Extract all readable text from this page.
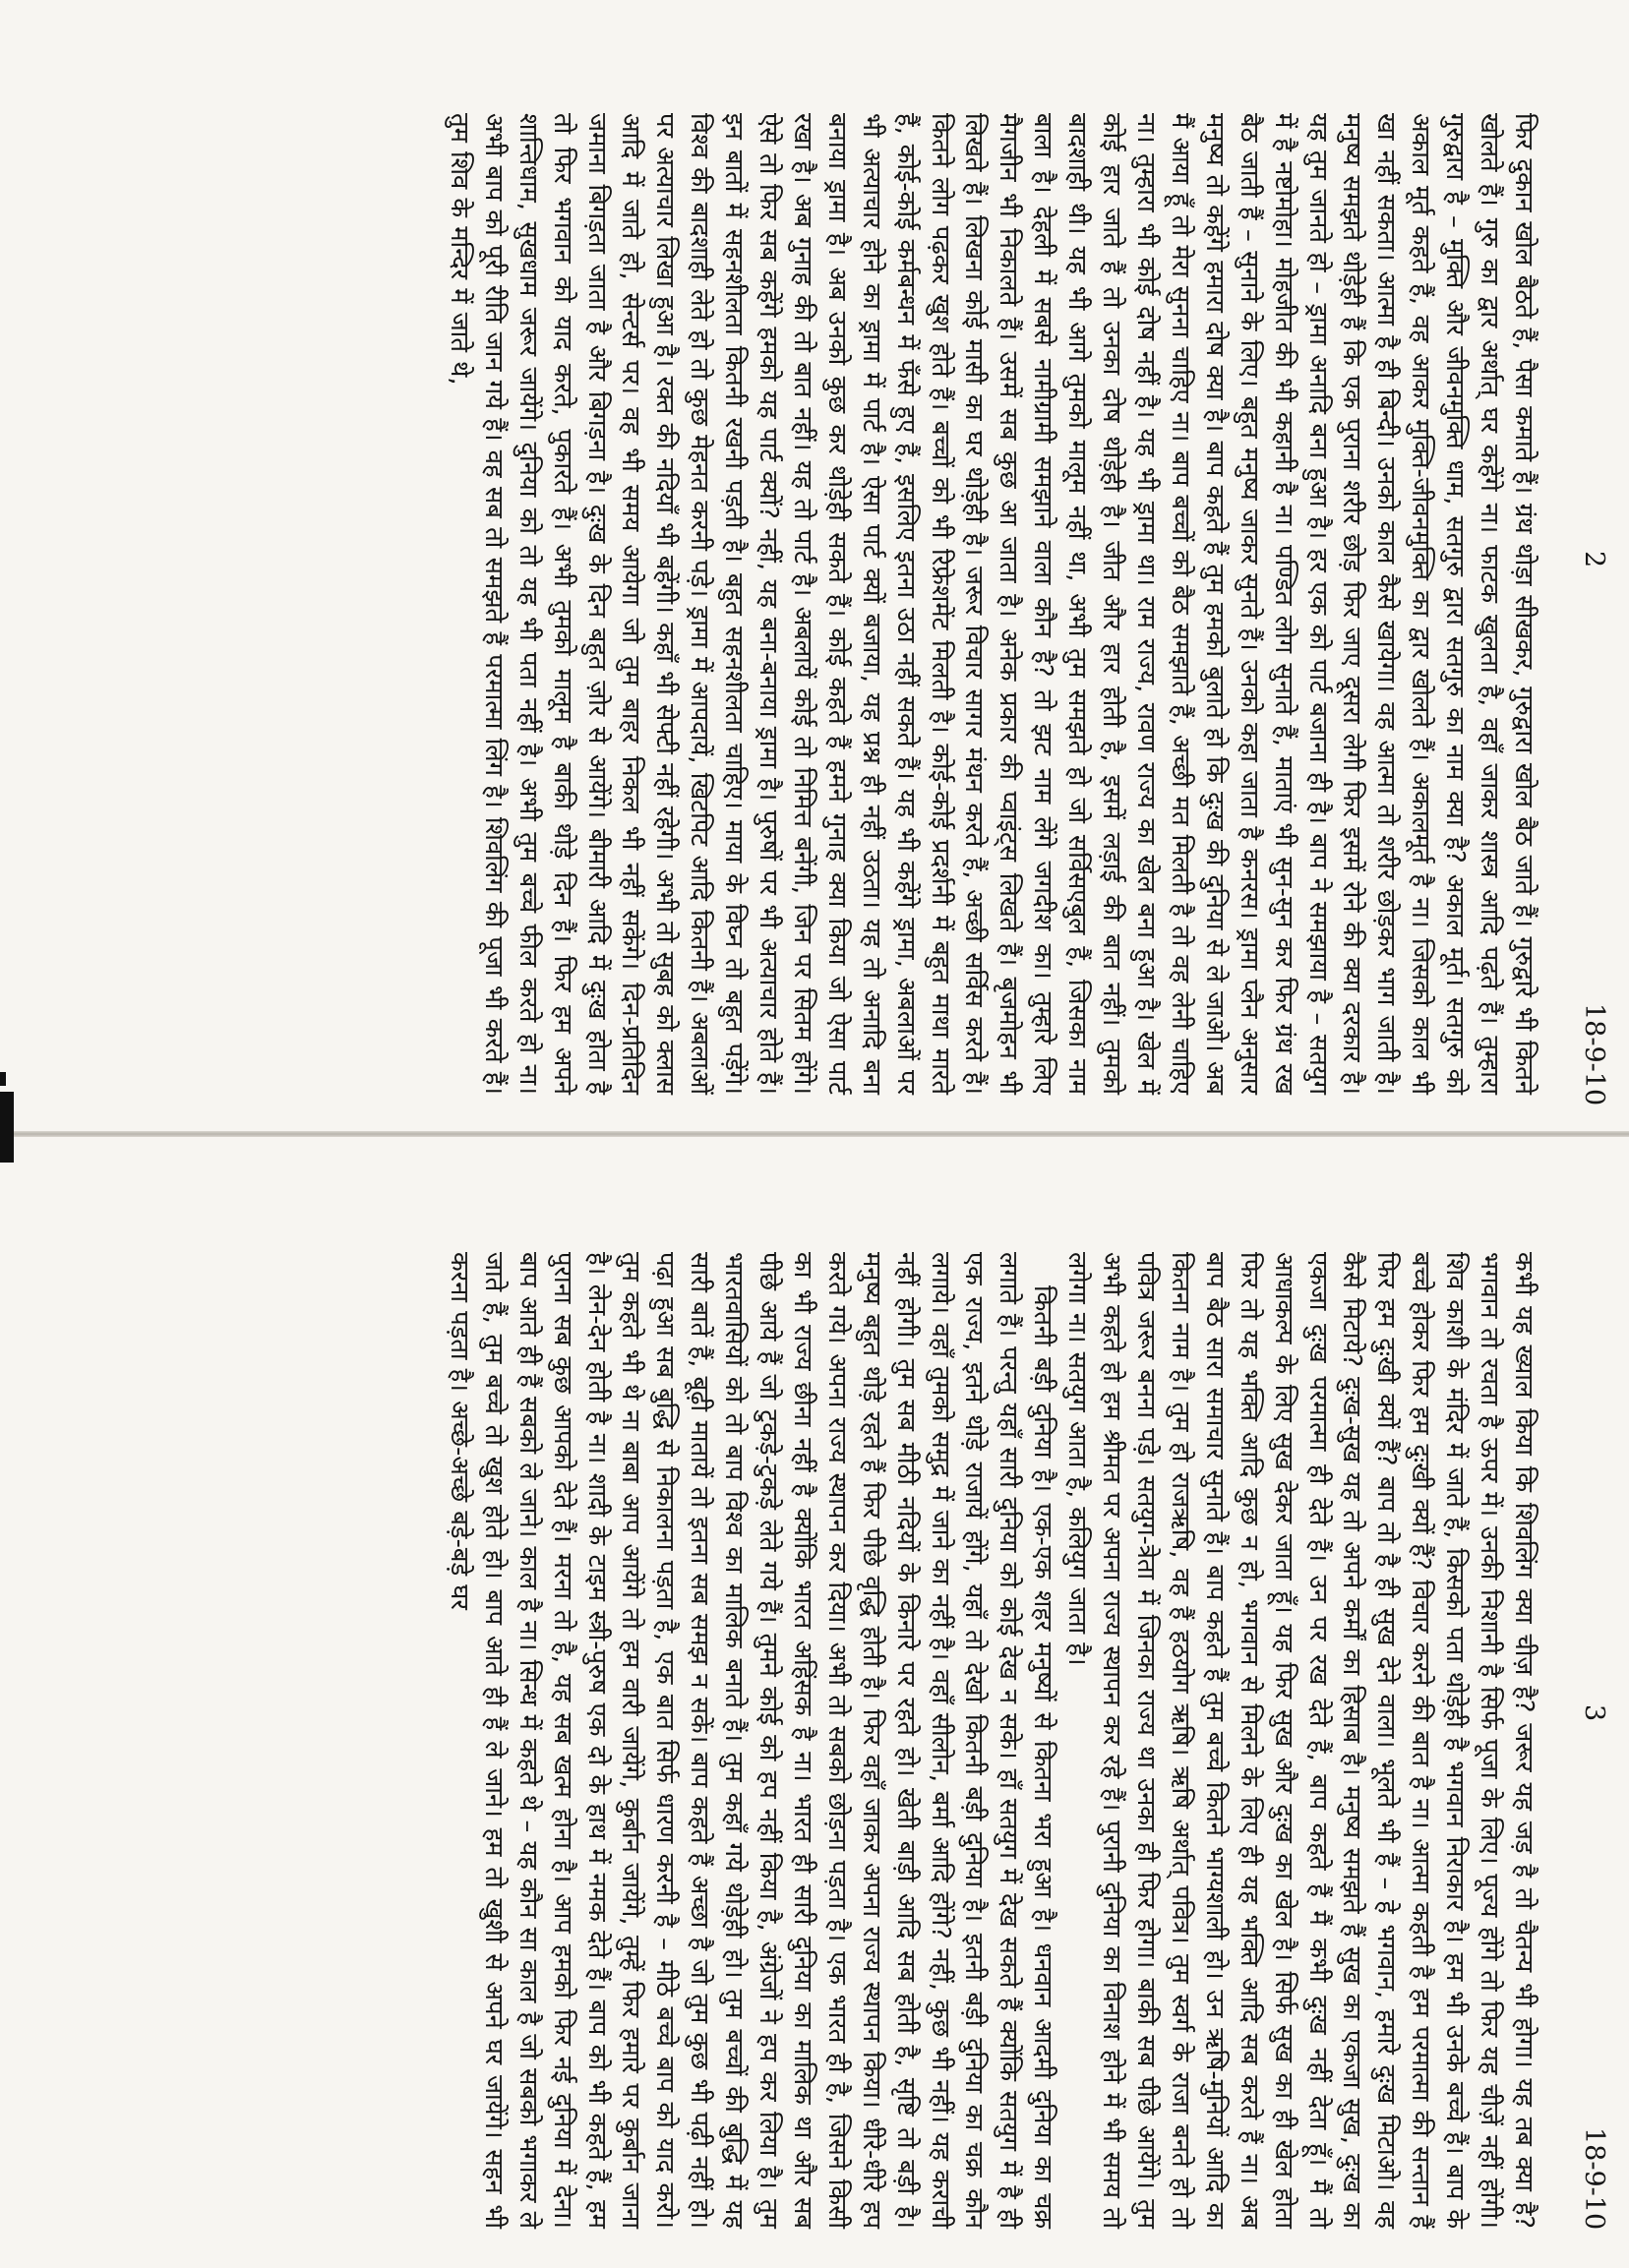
2
18-9-10

फिर दुकान खोल बैठते हैं, पैसा कमाते हैं। ग्रंथ थोड़ा सीखकर, गुरुद्वारा खोल बैठ जाते हैं। गुरुद्वारे भी कितने खोलते हैं। गुरु का द्वार अर्थात् घर कहेंगे ना। फाटक खुलता है, वहाँ जाकर शास्त्र आदि पढ़ते हैं। तुम्हारा गुरुद्वारा है – मुक्ति और जीवनमुक्ति धाम, सतगुरु द्वारा सतगुरु का नाम क्या है? अकाल मूर्त। सतगुरु को अकाल मूर्त कहते हैं, वह आकर मुक्ति-जीवनमुक्ति का द्वार खोलते हैं। अकालमूर्त है ना। जिसको काल भी खा नहीं सकता। आत्मा है ही बिन्दी। उनको काल कैसे खायेगा। वह आत्मा तो शरीर छोड़कर भाग जाती है। मनुष्य समझते थोड़ेही हैं कि एक पुराना शरीर छोड़ फिर जाए दूसरा लेगी फिर इसमें रोने की क्या दरकार है। यह तुम जानते हो – ड्रामा अनादि बना हुआ है। हर एक को पार्ट बजाना ही है। बाप ने समझाया है – सतयुग में है नष्टोमोहा। मोहजीत की भी कहानी है ना। पण्डित लोग सुनाते हैं, माताएं भी सुन-सुन कर फिर ग्रंथ रख बैठ जाती हैं – सुनाने के लिए। बहुत मनुष्य जाकर सुनते हैं। उनको कहा जाता है कनरस। ड्रामा प्लैन अनुसार मनुष्य तो कहेंगे हमारा दोष क्या है। बाप कहते हैं तुम हमको बुलाते हो कि दुःख की दुनिया से ले जाओ। अब मैं आया हूँ तो मेरा सुनना चाहिए ना। बाप बच्चों को बैठ समझाते हैं, अच्छी मत मिलती है तो वह लेनी चाहिए ना। तुम्हारा भी कोई दोष नहीं है। यह भी ड्रामा था। राम राज्य, रावण राज्य का खेल बना हुआ है। खेल में कोई हार जाते हैं तो उनका दोष थोड़ेही है। जीत और हार होती है, इसमें लड़ाई की बात नहीं। तुमको बादशाही थी। यह भी आगे तुमको मालूम नहीं था, अभी तुम समझते हो जो सर्विसएबुल हैं, जिसका नाम बाला है। देहली में सबसे नामीग्रामी समझाने वाला कौन है? तो झट नाम लेंगे जगदीश का। तुम्हारे लिए मैगजीन भी निकालते हैं। उसमें सब कुछ आ जाता है। अनेक प्रकार की प्वाइंट्स लिखते हैं। बृजमोहन भी लिखते हैं। लिखना कोई मासी का घर थोड़ेही है। जरूर विचार सागर मंथन करते हैं, अच्छी सर्विस करते हैं। कितने लोग पढ़कर खुश होते हैं। बच्चों को भी रिफ्रेशमेंट मिलती है। कोई-कोई प्रदर्शनी में बहुत माथा मारते हैं, कोई-कोई कर्मबन्धन में फँसे हुए हैं, इसलिए इतना उठा नहीं सकते हैं। यह भी कहेंगे ड्रामा, अबलाओं पर भी अत्याचार होने का ड्रामा में पार्ट है। ऐसा पार्ट क्यों बजाया, यह प्रश्न ही नहीं उठता। यह तो अनादि बना बनाया ड्रामा है। अब उनको कुछ कर थोड़ेही सकते हैं। कोई कहते हैं हमने गुनाह क्या किया जो ऐसा पार्ट रखा है। अब गुनाह की तो बात नहीं। यह तो पार्ट है। अबलायें कोई तो निमित्त बनेंगी, जिन पर सितम होंगे। ऐसे तो फिर सब कहेंगे हमको यह पार्ट क्यों? नहीं, यह बना-बनाया ड्रामा है। पुरुषों पर भी अत्याचार होते हैं। इन बातों में सहनशीलता कितनी रखनी पड़ती है। बहुत सहनशीलता चाहिए। माया के विघ्न तो बहुत पड़ेंगे। विश्व की बादशाही लेते हो तो कुछ मेहनत करनी पड़े। ड्रामा में आपदायें, खिटपिट आदि कितनी हैं। अबलाओं पर अत्याचार लिखा हुआ है। रक्त की नदियाँ भी बहेंगी। कहाँ भी सेफ्टी नहीं रहेगी। अभी तो सुबह को क्लास आदि में जाते हो, सेन्टर्स पर। वह भी समय आयेगा जो तुम बाहर निकल भी नहीं सकेंगे। दिन-प्रतिदिन जमाना बिगड़ता जाता है और बिगड़ना है। दुःख के दिन बहुत ज़ोर से आयेंगे। बीमारी आदि में दुःख होता है तो फिर भगवान को याद करते, पुकारते हैं। अभी तुमको मालूम है बाकी थोड़े दिन हैं। फिर हम अपने शान्तिधाम, सुखधाम जरूर जायेंगे। दुनिया को तो यह भी पता नहीं है। अभी तुम बच्चे फील करते हो ना। अभी बाप को पूरी रीति जान गये हैं। वह सब तो समझते हैं परमात्मा लिंग है। शिवलिंग की पूजा भी करते हैं। तुम शिव के मन्दिर में जाते थे,

3
18-9-10

कभी यह ख्याल किया कि शिवलिंग क्या चीज़ है? जरूर यह जड़ है तो चैतन्य भी होगा। यह तब क्या है? भगवान तो रचता है ऊपर में। उनकी निशानी है सिर्फ पूजा के लिए। पूज्य होंगे तो फिर यह चीज़ें नहीं होंगी। शिव काशी के मंदिर में जाते हैं, किसको पता थोड़ेही है भगवान निराकार है। हम भी उनके बच्चे हैं। बाप के बच्चे होकर फिर हम दुःखी क्यों हैं? विचार करने की बात है ना। आत्मा कहती है हम परमात्मा की सन्तान हैं फिर हम दुःखी क्यों हैं? बाप तो है ही सुख देने वाला। भूलते भी हैं – हे भगवान, हमारे दुःख मिटाओ। वह कैसे मिटाये? दुःख-सुख यह तो अपने कर्मों का हिसाब है। मनुष्य समझते हैं सुख का एकजा सुख, दुःख का एकजा दुःख परमात्मा ही देते हैं। उन पर रख देते हैं, बाप कहते हैं मैं कभी दुःख नहीं देता हूँ। मैं तो आधाकल्प के लिए सुख देकर जाता हूँ। यह फिर सुख और दुःख का खेल है। सिर्फ सुख का ही खेल होता फिर तो यह भक्ति आदि कुछ न हो, भगवान से मिलने के लिए ही यह भक्ति आदि सब करते हैं ना। अब बाप बैठ सारा समाचार सुनाते हैं। बाप कहते हैं तुम बच्चे कितने भाग्यशाली हो। उन ऋषि-मुनियों आदि का कितना नाम है। तुम हो राजऋषि, वह हैं हठयोग ऋषि। ऋषि अर्थात् पवित्र। तुम स्वर्ग के राजा बनते हो तो पवित्र जरूर बनना पड़े। सतयुग-त्रेता में जिनका राज्य था उनका ही फिर होगा। बाकी सब पीछे आयेंगे। तुम अभी कहते हो हम श्रीमत पर अपना राज्य स्थापन कर रहे हैं। पुरानी दुनिया का विनाश होने में भी समय तो लगेगा ना। सतयुग आता है, कलियुग जाता है।

कितनी बड़ी दुनिया है। एक-एक शहर मनुष्यों से कितना भरा हुआ है। धनवान आदमी दुनिया का चक्र लगाते हैं। परन्तु यहाँ सारी दुनिया को कोई देख न सके। हाँ सतयुग में देख सकते हैं क्योंकि सतयुग में है ही एक राज्य, इतने थोड़े राजायें होंगे, यहाँ तो देखो कितनी बड़ी दुनिया है। इतनी बड़ी दुनिया का चक्र कौन लगाये। वहाँ तुमको समुद्र में जाने का नहीं है। वहाँ सीलोन, बर्मा आदि होंगे? नहीं, कुछ भी नहीं। यह कराची नहीं होगी। तुम सब मीठी नदियों के किनारे पर रहते हो। खेती बाड़ी आदि सब होती है, सृष्टि तो बड़ी है। मनुष्य बहुत थोड़े रहते हैं फिर पीछे वृद्धि होती है। फिर वहाँ जाकर अपना राज्य स्थापन किया। धीरे-धीरे हप करते गये। अपना राज्य स्थापन कर दिया। अभी तो सबको छोड़ना पड़ता है। एक भारत ही है, जिसने किसी का भी राज्य छीना नहीं है क्योंकि भारत अहिंसक है ना। भारत ही सारी दुनिया का मालिक था और सब पीछे आये हैं जो टुकड़े-टुकड़े लेते गये हैं। तुमने कोई को हप नहीं किया है, अंग्रेजों ने हप कर लिया है। तुम भारतवासियों को तो बाप विश्व का मालिक बनाते हैं। तुम कहाँ गये थोड़ेही हो। तुम बच्चों की बुद्धि में यह सारी बातें हैं, बूढ़ी मातायें तो इतना सब समझ न सकें। बाप कहते हैं अच्छा है जो तुम कुछ भी पढ़ी नहीं हो। पढ़ा हुआ सब बुद्धि से निकालना पड़ता है, एक बात सिर्फ धारण करनी है – मीठे बच्चे बाप को याद करो। तुम कहते भी थे ना बाबा आप आयेंगे तो हम वारी जायेंगे, कुर्बान जायेंगे, तुम्हें फिर हमारे पर कुर्बान जाना है। लेन-देन होती है ना। शादी के टाइम स्त्री-पुरुष एक दो के हाथ में नमक देते हैं। बाप को भी कहते हैं, हम पुराना सब कुछ आपको देते हैं। मरना तो है, यह सब खत्म होना है। आप हमको फिर नई दुनिया में देना। बाप आते ही हैं सबको ले जाने। काल है ना। सिन्ध में कहते थे – यह कौन सा काल है जो सबको भगाकर ले जाते हैं, तुम बच्चे तो खुश होते हो। बाप आते ही हैं ले जाने। हम तो खुशी से अपने घर जायेंगे। सहन भी करना पड़ता है। अच्छे-अच्छे बड़े-बड़े घर
